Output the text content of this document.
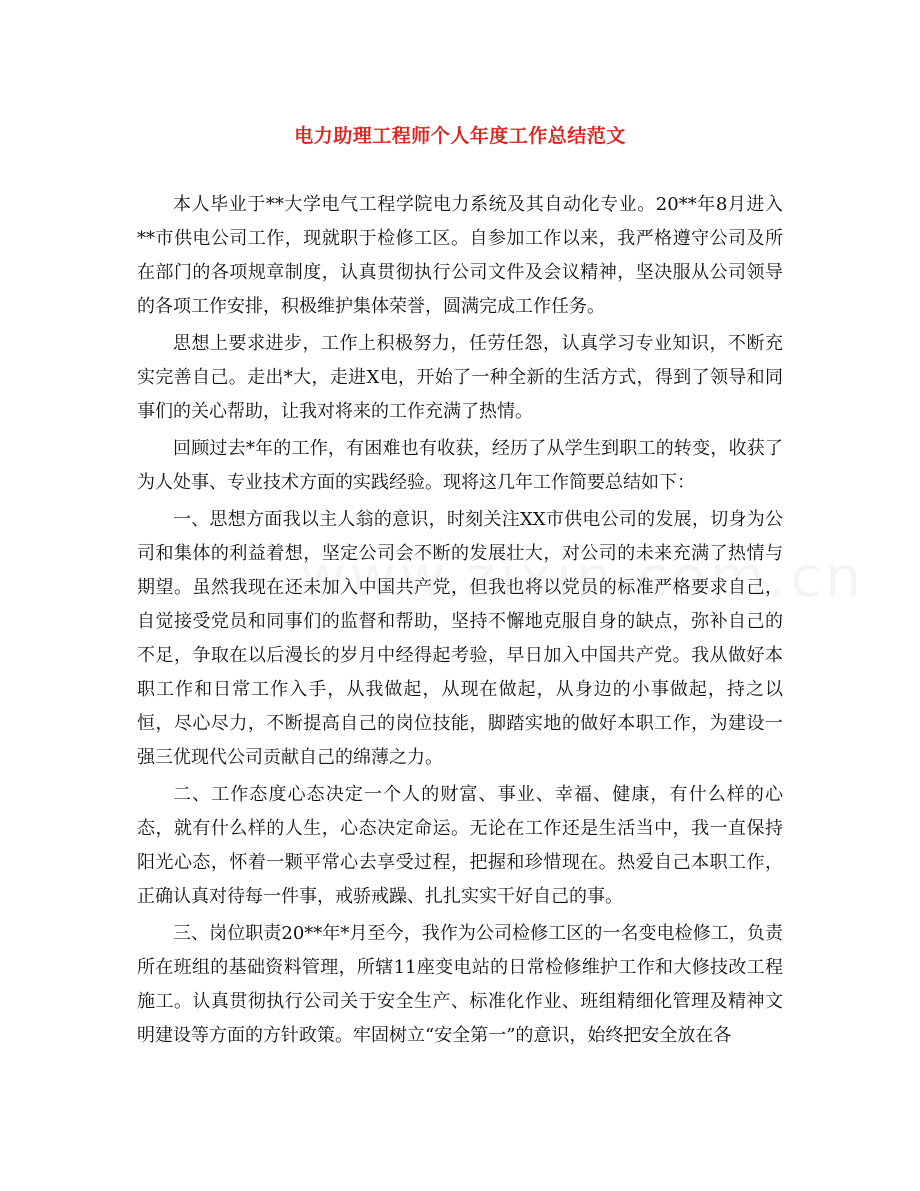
电力助理工程师个人年度工作总结范文

本人毕业于**大学电气工程学院电力系统及其自动化专业。20**年8月进入**市供电公司工作，现就职于检修工区。自参加工作以来，我严格遵守公司及所在部门的各项规章制度，认真贯彻执行公司文件及会议精神，坚决服从公司领导的各项工作安排，积极维护集体荣誉，圆满完成工作任务。

思想上要求进步，工作上积极努力，任劳任怨，认真学习专业知识，不断充实完善自己。走出*大，走进X电，开始了一种全新的生活方式，得到了领导和同事们的关心帮助，让我对将来的工作充满了热情。

回顾过去*年的工作，有困难也有收获，经历了从学生到职工的转变，收获了为人处事、专业技术方面的实践经验。现将这几年工作简要总结如下：

一、思想方面我以主人翁的意识，时刻关注XX市供电公司的发展，切身为公司和集体的利益着想，坚定公司会不断的发展壮大，对公司的未来充满了热情与期望。虽然我现在还未加入中国共产党，但我也将以党员的标准严格要求自己，自觉接受党员和同事们的监督和帮助，坚持不懈地克服自身的缺点，弥补自己的不足，争取在以后漫长的岁月中经得起考验，早日加入中国共产党。我从做好本职工作和日常工作入手，从我做起，从现在做起，从身边的小事做起，持之以恒，尽心尽力，不断提高自己的岗位技能，脚踏实地的做好本职工作，为建设一强三优现代公司贡献自己的绵薄之力。

二、工作态度心态决定一个人的财富、事业、幸福、健康，有什么样的心态，就有什么样的人生，心态决定命运。无论在工作还是生活当中，我一直保持阳光心态，怀着一颗平常心去享受过程，把握和珍惜现在。热爱自己本职工作，正确认真对待每一件事，戒骄戒躁、扎扎实实干好自己的事。

三、岗位职责20**年*月至今，我作为公司检修工区的一名变电检修工，负责所在班组的基础资料管理，所辖11座变电站的日常检修维护工作和大修技改工程施工。认真贯彻执行公司关于安全生产、标准化作业、班组精细化管理及精神文明建设等方面的方针政策。牢固树立“安全第一”的意识，始终把安全放在各
